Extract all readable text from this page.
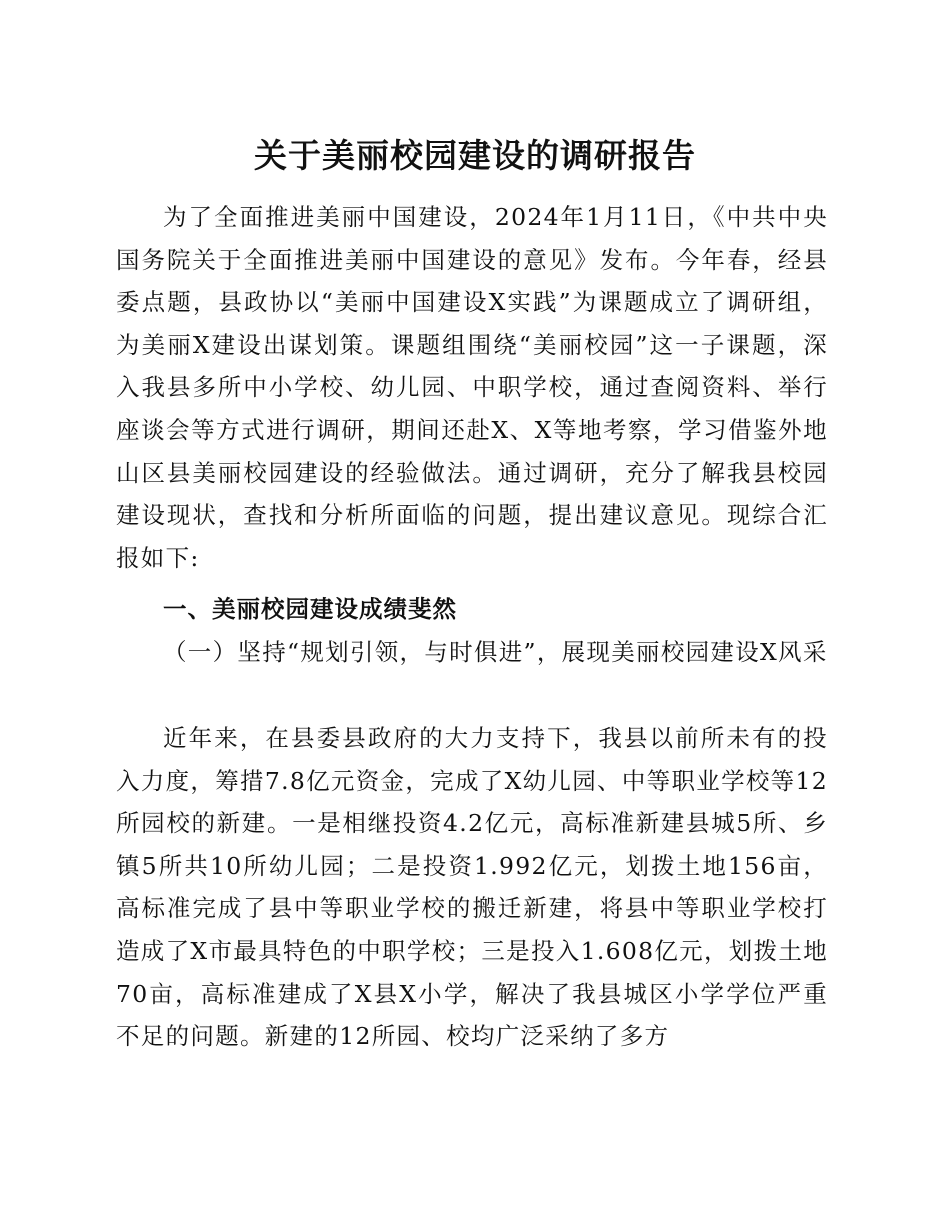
关于美丽校园建设的调研报告

为了全面推进美丽中国建设，2024年1月11日，《中共中央国务院关于全面推进美丽中国建设的意见》发布。今年春，经县委点题，县政协以“美丽中国建设X实践”为课题成立了调研组，为美丽X建设出谋划策。课题组围绕“美丽校园”这一子课题，深入我县多所中小学校、幼儿园、中职学校，通过查阅资料、举行座谈会等方式进行调研，期间还赴X、X等地考察，学习借鉴外地山区县美丽校园建设的经验做法。通过调研，充分了解我县校园建设现状，查找和分析所面临的问题，提出建议意见。现综合汇报如下:

一、美丽校园建设成绩斐然

（一）坚持“规划引领，与时俱进”，展现美丽校园建设X风采

近年来，在县委县政府的大力支持下，我县以前所未有的投入力度，筹措7.8亿元资金，完成了X幼儿园、中等职业学校等12所园校的新建。一是相继投资4.2亿元，高标准新建县城5所、乡镇5所共10所幼儿园；二是投资1.992亿元，划拨土地156亩，高标准完成了县中等职业学校的搬迁新建，将县中等职业学校打造成了X市最具特色的中职学校；三是投入1.608亿元，划拨土地70亩，高标准建成了X县X小学，解决了我县城区小学学位严重不足的问题。新建的12所园、校均广泛采纳了多方
